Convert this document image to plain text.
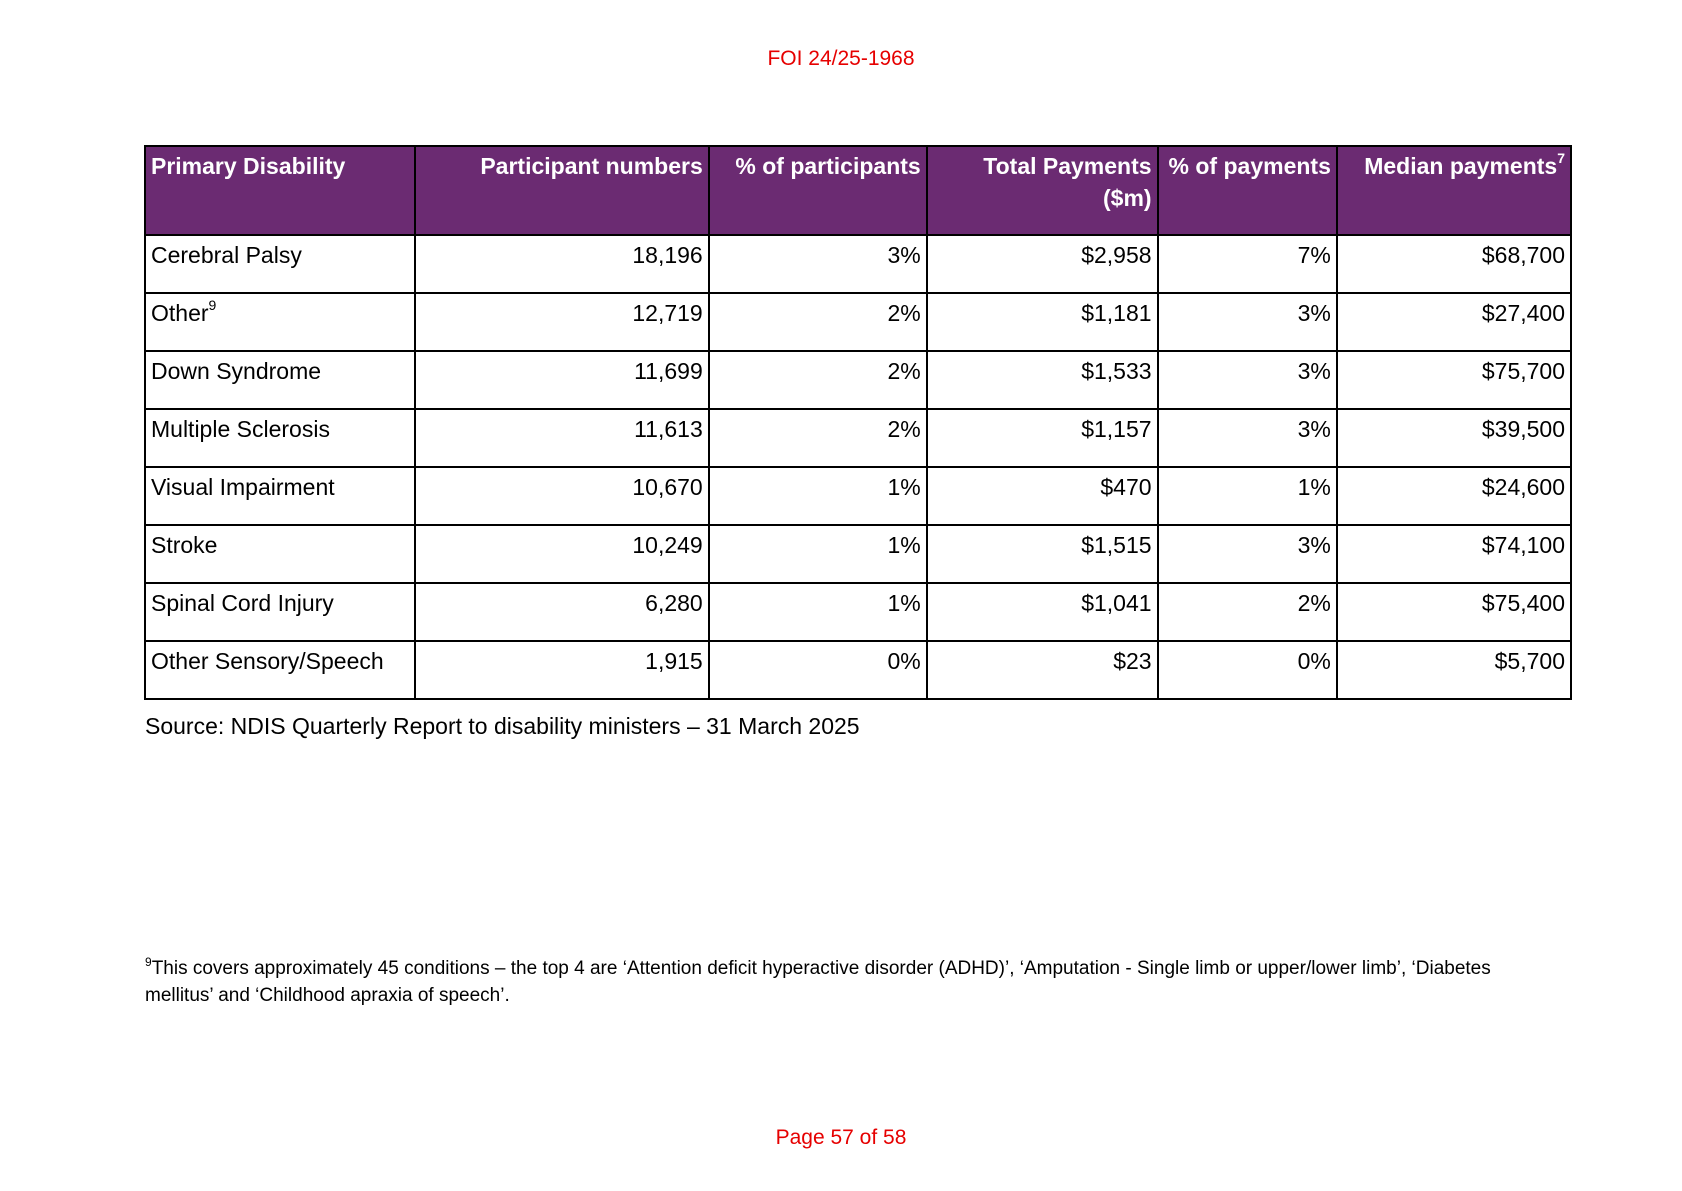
FOI 24/25-1968

Primary Disability	Participant numbers	% of participants	Total Payments ($m)	% of payments	Median payments$^7$
Cerebral Palsy	18,196	3%	$2,958	7%	$68,700
Other$^9$	12,719	2%	$1,181	3%	$27,400
Down Syndrome	11,699	2%	$1,533	3%	$75,700
Multiple Sclerosis	11,613	2%	$1,157	3%	$39,500
Visual Impairment	10,670	1%	$470	1%	$24,600
Stroke	10,249	1%	$1,515	3%	$74,100
Spinal Cord Injury	6,280	1%	$1,041	2%	$75,400
Other Sensory/Speech	1,915	0%	$23	0%	$5,700

Source: NDIS Quarterly Report to disability ministers – 31 March 2025

$^9$This covers approximately 45 conditions – the top 4 are ‘Attention deficit hyperactive disorder (ADHD)’, ‘Amputation - Single limb or upper/lower limb’, ‘Diabetes mellitus’ and ‘Childhood apraxia of speech’.

Page 57 of 58
